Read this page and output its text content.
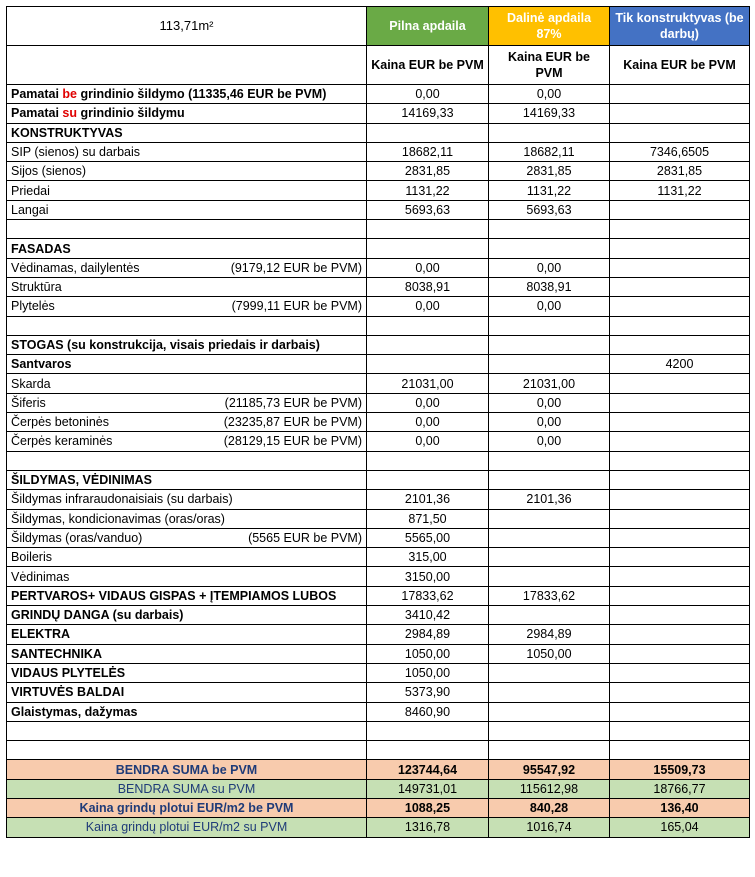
113,71m²	Pilna apdaila	Dalinė apdaila 87%	Tik konstruktyvas (be darbų)
	Kaina EUR be PVM	Kaina EUR be PVM	Kaina EUR be PVM
Pamatai be grindinio šildymo (11335,46 EUR be PVM)	0,00	0,00	
Pamatai su grindinio šildymu	14169,33	14169,33	
KONSTRUKTYVAS			
SIP (sienos) su darbais	18682,11	18682,11	7346,6505
Sijos (sienos)	2831,85	2831,85	2831,85
Priedai	1131,22	1131,22	1131,22
Langai	5693,63	5693,63	

FASADAS			
Vėdinamas, dailylentės (9179,12 EUR be PVM)	0,00	0,00	
Struktūra	8038,91	8038,91	
Plytelės (7999,11 EUR be PVM)	0,00	0,00	

STOGAS (su konstrukcija, visais priedais ir darbais)			
Santvaros			4200
Skarda	21031,00	21031,00	
Šiferis (21185,73 EUR be PVM)	0,00	0,00	
Čerpės betoninės (23235,87 EUR be PVM)	0,00	0,00	
Čerpės keraminės (28129,15 EUR be PVM)	0,00	0,00	

ŠILDYMAS, VĖDINIMAS			
Šildymas infraraudonaisiais (su darbais)	2101,36	2101,36	
Šildymas, kondicionavimas (oras/oras)	871,50		
Šildymas (oras/vanduo) (5565 EUR be PVM)	5565,00		
Boileris	315,00		
Vėdinimas	3150,00		
PERTVAROS+ VIDAUS GISPAS + ĮTEMPIAMOS LUBOS	17833,62	17833,62	
GRINDŲ DANGA (su darbais)	3410,42		
ELEKTRA	2984,89	2984,89	
SANTECHNIKA	1050,00	1050,00	
VIDAUS PLYTELĖS	1050,00		
VIRTUVĖS BALDAI	5373,90		
Glaistymas, dažymas	8460,90		

BENDRA SUMA be PVM	123744,64	95547,92	15509,73
BENDRA SUMA su PVM	149731,01	115612,98	18766,77
Kaina grindų plotui EUR/m2 be PVM	1088,25	840,28	136,40
Kaina grindų plotui EUR/m2 su PVM	1316,78	1016,74	165,04
